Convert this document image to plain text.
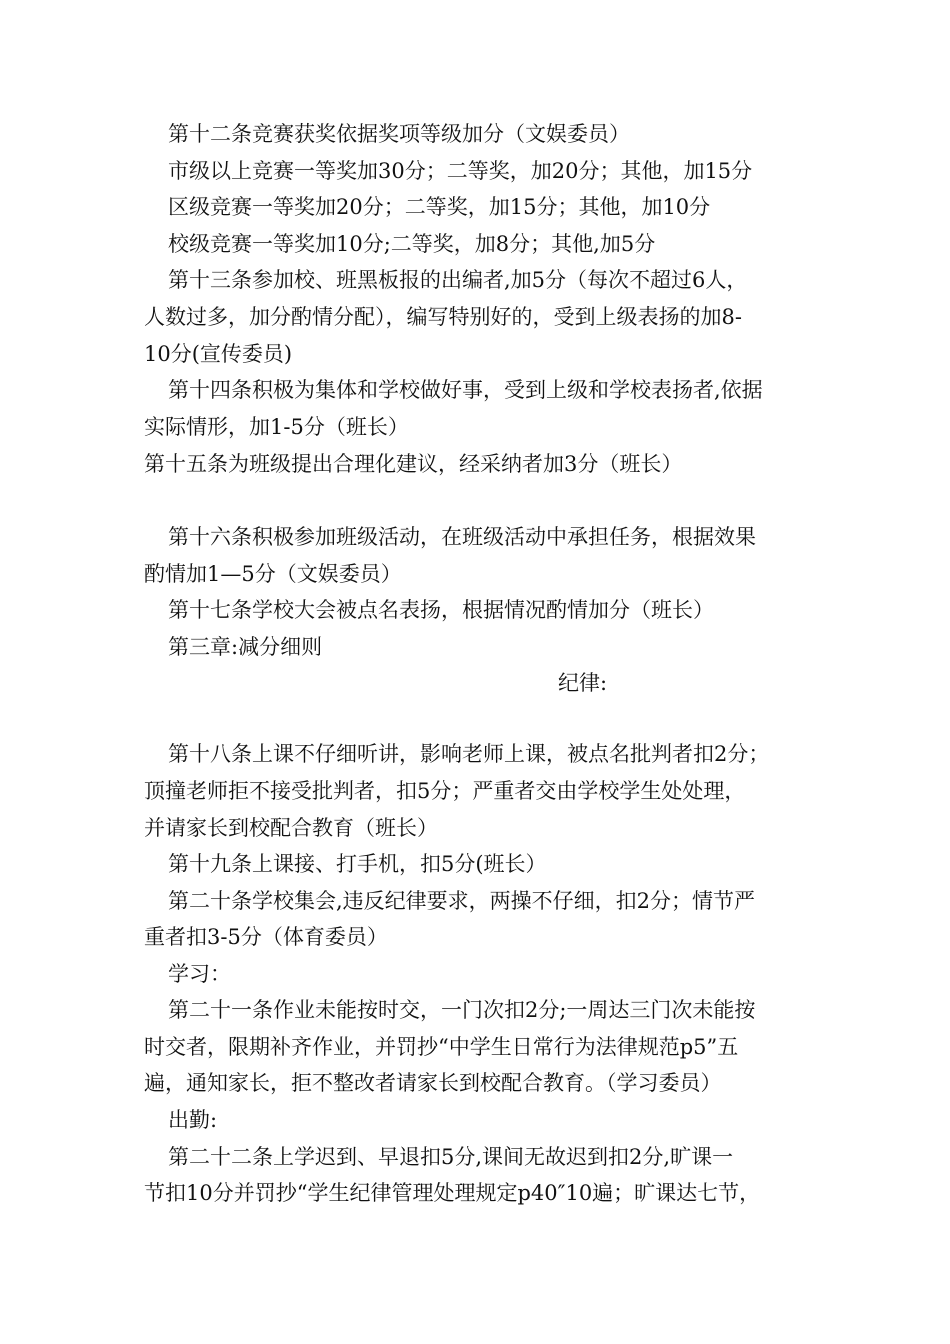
第十二条竞赛获奖依据奖项等级加分（文娱委员）
市级以上竞赛一等奖加30分；二等奖，加20分；其他，加15分
区级竞赛一等奖加20分；二等奖，加15分；其他，加10分
校级竞赛一等奖加10分;二等奖，加8分；其他,加5分
第十三条参加校、班黑板报的出编者,加5分（每次不超过6人，
人数过多，加分酌情分配），编写特别好的，受到上级表扬的加8-
10分(宣传委员)
第十四条积极为集体和学校做好事，受到上级和学校表扬者,依据
实际情形，加1-5分（班长）
第十五条为班级提出合理化建议，经采纳者加3分（班长）
第十六条积极参加班级活动，在班级活动中承担任务，根据效果
酌情加1—5分（文娱委员）
第十七条学校大会被点名表扬，根据情况酌情加分（班长）
第三章:减分细则
纪律:
第十八条上课不仔细听讲，影响老师上课，被点名批判者扣2分；
顶撞老师拒不接受批判者，扣5分；严重者交由学校学生处处理，
并请家长到校配合教育（班长）
第十九条上课接、打手机，扣5分(班长）
第二十条学校集会,违反纪律要求，两操不仔细，扣2分；情节严
重者扣3-5分（体育委员）
学习：
第二十一条作业未能按时交，一门次扣2分;一周达三门次未能按
时交者，限期补齐作业，并罚抄“中学生日常行为法律规范p5”五
遍，通知家长，拒不整改者请家长到校配合教育。（学习委员）
出勤:
第二十二条上学迟到、早退扣5分,课间无故迟到扣2分,旷课一
节扣10分并罚抄“学生纪律管理处理规定p40″10遍；旷课达七节，
